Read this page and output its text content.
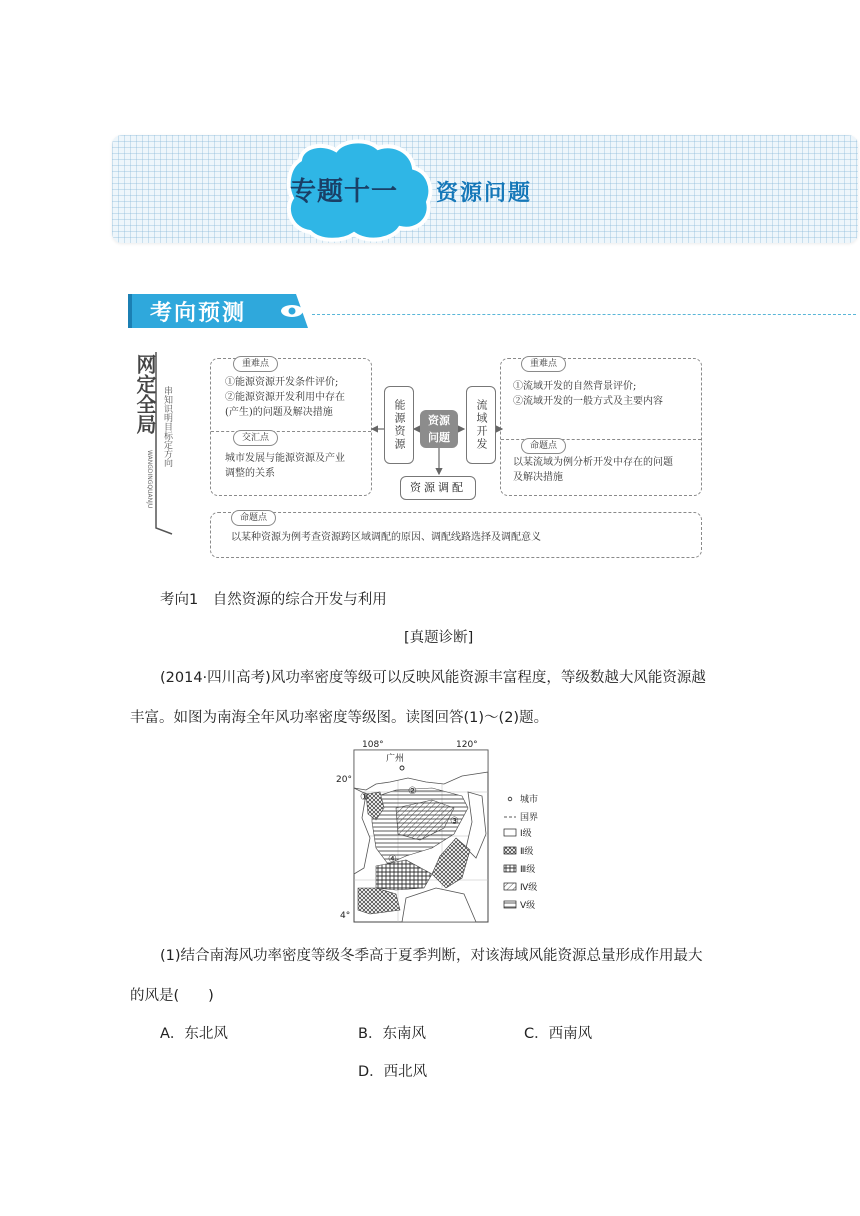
专题十一 资源问题
考向预测
网定全局 串知识明目标定方向
WANGDINGQUANJU
重难点
①能源资源开发条件评价;
②能源资源开发利用中存在
(产生)的问题及解决措施
交汇点
城市发展与能源资源及产业
调整的关系
重难点
①流域开发的自然背景评价;
②流域开发的一般方式及主要内容
命题点
以某流域为例分析开发中存在的问题
及解决措施
能源资源	资源
问题	流域开发
资源调配
命题点
以某种资源为例考查资源跨区域调配的原因、调配线路选择及调配意义
考向1　自然资源的综合开发与利用
[真题诊断]
(2014·四川高考)风功率密度等级可以反映风能资源丰富程度，等级数越大风能资源越
丰富。如图为南海全年风功率密度等级图。读图回答(1)～(2)题。
广州
①
②
③
④
108°	120°
20°
4°
城市
国界
Ⅰ级
Ⅱ级
Ⅲ级
Ⅳ级
Ⅴ级
(1)结合南海风功率密度等级冬季高于夏季判断，对该海域风能资源总量形成作用最大
的风是(　　)
A．东北风	B．东南风	C．西南风
D．西北风
